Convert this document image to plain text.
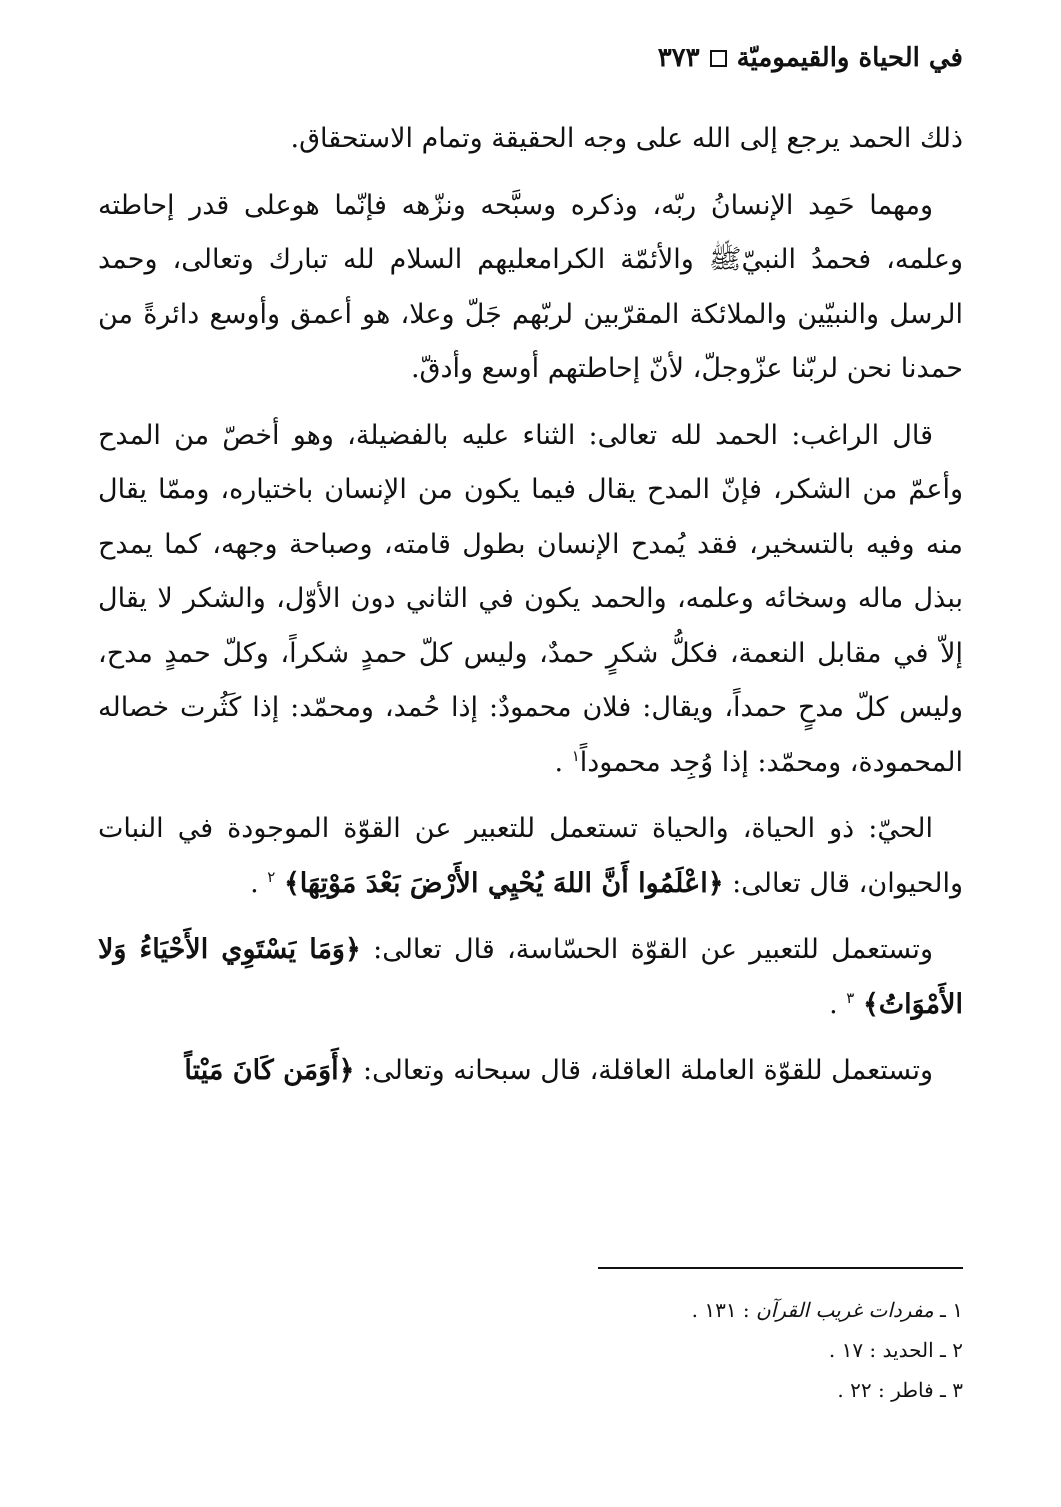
في الحياة والقيموميّة
٣٧٣

ذلك الحمد يرجع إلى الله على وجه الحقيقة وتمام الاستحقاق.

ومهما حَمِد الإنسانُ ربّه، وذكره وسبَّحه ونزّهه فإنّما هوعلى قدر إحاطته وعلمه، فحمدُ النبيّﷺ والأئمّة الكرامعليهم السلام لله تبارك وتعالى، وحمد الرسل والنبيّين والملائكة المقرّبين لربّهم جَلّ وعلا، هو أعمق وأوسع دائرةً من حمدنا نحن لربّنا عزّوجلّ، لأنّ إحاطتهم أوسع وأدقّ.

قال الراغب: الحمد لله تعالى: الثناء عليه بالفضيلة، وهو أخصّ من المدح وأعمّ من الشكر، فإنّ المدح يقال فيما يكون من الإنسان باختياره، وممّا يقال منه وفيه بالتسخير، فقد يُمدح الإنسان بطول قامته، وصباحة وجهه، كما يمدح ببذل ماله وسخائه وعلمه، والحمد يكون في الثاني دون الأوّل، والشكر لا يقال إلاّ في مقابل النعمة، فكلُّ شكرٍ حمدٌ، وليس كلّ حمدٍ شكراً، وكلّ حمدٍ مدح، وليس كلّ مدحٍ حمداً، ويقال: فلان محمودٌ: إذا حُمد، ومحمّد: إذا كَثُرت خصاله المحمودة، ومحمّد: إذا وُجِد محموداً$^١$ .

الحيّ: ذو الحياة، والحياة تستعمل للتعبير عن القوّة الموجودة في النبات والحيوان، قال تعالى: ﴿اعْلَمُوا أَنَّ اللهَ يُحْيِي الأَرْضَ بَعْدَ مَوْتِهَا﴾ $^٢$ .

وتستعمل للتعبير عن القوّة الحسّاسة، قال تعالى: ﴿وَمَا يَسْتَوِي الأَحْيَاءُ وَلا الأَمْوَاتُ﴾ $^٣$ .

وتستعمل للقوّة العاملة العاقلة، قال سبحانه وتعالى: ﴿أَوَمَن كَانَ مَيْتاً

١ ـ مفردات غريب القرآن : ١٣١ .
٢ ـ الحديد : ١٧ .
٣ ـ فاطر : ٢٢ .
